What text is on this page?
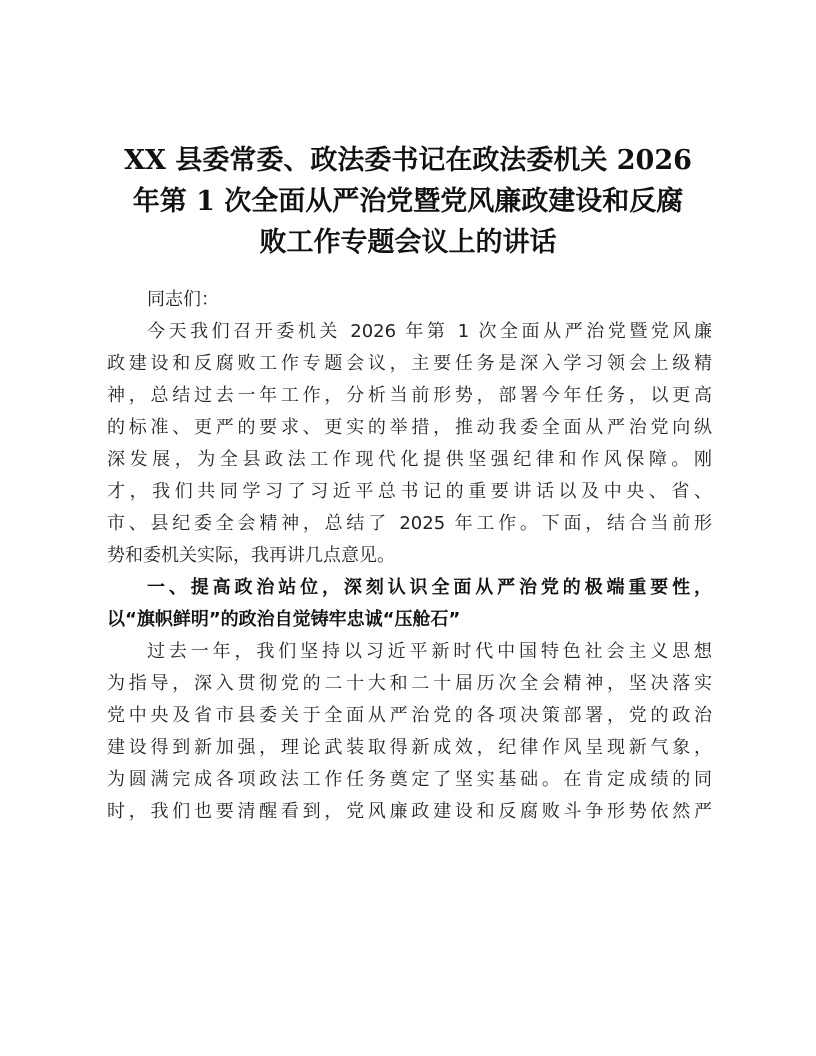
XX 县委常委、政法委书记在政法委机关 2026
年第 1 次全面从严治党暨党风廉政建设和反腐
败工作专题会议上的讲话
同志们：
今天我们召开委机关 2026 年第 1 次全面从严治党暨党风廉
政建设和反腐败工作专题会议，主要任务是深入学习领会上级精
神，总结过去一年工作，分析当前形势，部署今年任务，以更高
的标准、更严的要求、更实的举措，推动我委全面从严治党向纵
深发展，为全县政法工作现代化提供坚强纪律和作风保障。刚
才，我们共同学习了习近平总书记的重要讲话以及中央、省、
市、县纪委全会精神，总结了 2025 年工作。下面，结合当前形
势和委机关实际，我再讲几点意见。
一、提高政治站位，深刻认识全面从严治党的极端重要性，
以“旗帜鲜明”的政治自觉铸牢忠诚“压舱石”
过去一年，我们坚持以习近平新时代中国特色社会主义思想
为指导，深入贯彻党的二十大和二十届历次全会精神，坚决落实
党中央及省市县委关于全面从严治党的各项决策部署，党的政治
建设得到新加强，理论武装取得新成效，纪律作风呈现新气象，
为圆满完成各项政法工作任务奠定了坚实基础。在肯定成绩的同
时，我们也要清醒看到，党风廉政建设和反腐败斗争形势依然严
